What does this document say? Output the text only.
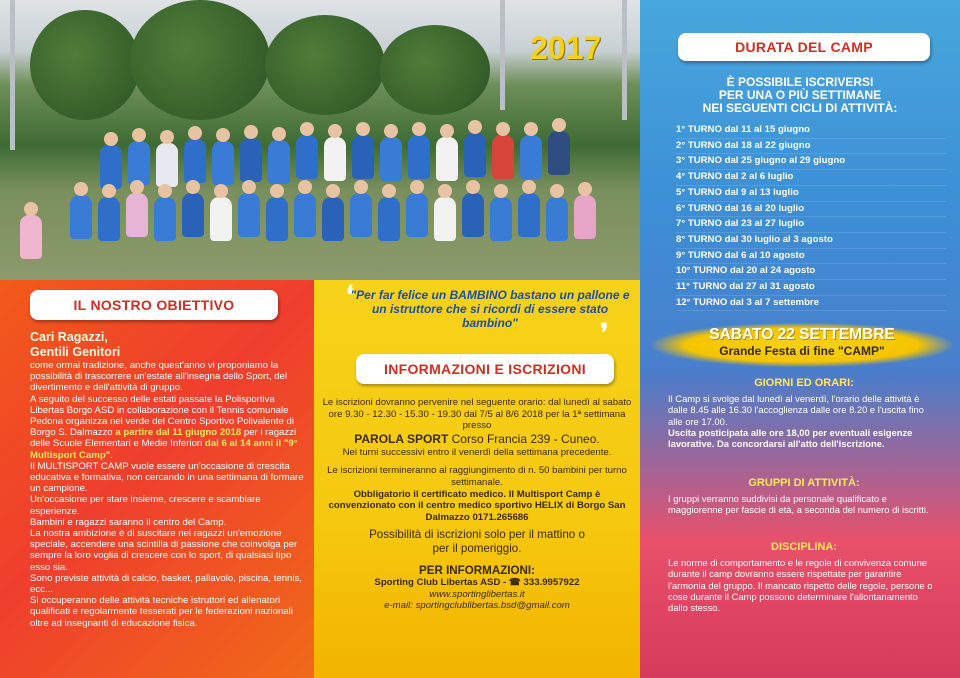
2017
IL NOSTRO OBIETTIVO
Cari Ragazzi,
Gentili Genitori

come ormai tradizione, anche quest'anno vi proponiamo la possibilità di trascorrere un'estate all'insegna dello Sport, del divertimento e dell'attività di gruppo.

A seguito del successo delle estati passate la Polisportiva Libertas Borgo ASD in collaborazione con il Tennis comunale Pedona organizza nel verde del Centro Sportivo Polivalente di Borgo S. Dalmazzo a partire dal 11 giugno 2018 per i ragazzi delle Scuole Elementari e Medie Inferiori dai 6 ai 14 anni il "9° Multisport Camp".

Il MULTISPORT CAMP vuole essere un'occasione di crescita educativa e formativa, non cercando in una settimana di formare un campione.

Un'occasione per stare insieme, crescere e scambiare esperienze.

Bambini e ragazzi saranno il centro del Camp.

La nostra ambizione è di suscitare nei ragazzi un'emozione speciale, accendere una scintilla di passione che coinvolga per sempre la loro voglia di crescere con lo sport, di qualsiasi tipo esso sia.

Sono previste attività di calcio, basket, pallavolo, piscina, tennis, ecc...

Si occuperanno delle attività tecniche istruttori ed allenatori qualificati e regolarmente tesserati per le federazioni nazionali oltre ad insegnanti di educazione fisica.

❛
❜
"Per far felice un BAMBINO bastano un pallone e un istruttore che si ricordi di essere stato bambino"
INFORMAZIONI E ISCRIZIONI

Le iscrizioni dovranno pervenire nel seguente orario: dal lunedì al sabato ore 9.30 - 12.30 - 15.30 - 19.30 dal 7/5 al 8/6 2018 per la 1ª settimana presso

PAROLA SPORT Corso Francia 239 - Cuneo.

Nei turni successivi entro il venerdì della settimana precedente.

Le iscrizioni termineranno al raggiungimento di n. 50 bambini per turno settimanale.

Obbligatorio il certificato medico. Il Multisport Camp è convenzionato con il centro medico sportivo HELIX di Borgo San Dalmazzo 0171.265686

Possibilità di iscrizioni solo per il mattino o per il pomeriggio.

PER INFORMAZIONI:

Sporting Club Libertas ASD - ☎ 333.9957922

www.sportinglibertas.it

e-mail: sportingclublibertas.bsd@gmail.com

DURATA DEL CAMP
È POSSIBILE ISCRIVERSI
PER UNA O PIÙ SETTIMANE
NEI SEGUENTI CICLI DI ATTIVITÀ:
1° TURNO dal 11 al 15 giugno
2° TURNO dal 18 al 22 giugno
3° TURNO dal 25 giugno al 29 giugno
4° TURNO dal 2 al 6 luglio
5° TURNO dal 9 al 13 luglio
6° TURNO dal 16 al 20 luglio
7° TURNO dal 23 al 27 luglio
8° TURNO dal 30 luglio al 3 agosto
9° TURNO dal 6 al 10 agosto
10° TURNO dal 20 al 24 agosto
11° TURNO dal 27 al 31 agosto
12° TURNO dal 3 al 7 settembre
SABATO 22 SETTEMBRE
Grande Festa di fine "CAMP"
GIORNI ED ORARI:

Il Camp si svolge dal lunedì al venerdì, l'orario delle attività è dalle 8.45 alle 16.30 l'accoglienza dalle ore 8.20 e l'uscita fino alle ore 17.00.

Uscita posticipata alle ore 18,00 per eventuali esigenze lavorative. Da concordarsi all'atto dell'iscrizione.

GRUPPI DI ATTIVITÀ:

I gruppi verranno suddivisi da personale qualificato e maggiorenne per fascie di età, a seconda del numero di iscritti.

DISCIPLINA:

Le norme di comportamento e le regole di convivenza comune durante il camp dovranno essere rispettate per garantire l'armonia del gruppo. Il mancato rispetto delle regole, persone o cose durante il Camp possono determinare l'allontanamento dallo stesso.
